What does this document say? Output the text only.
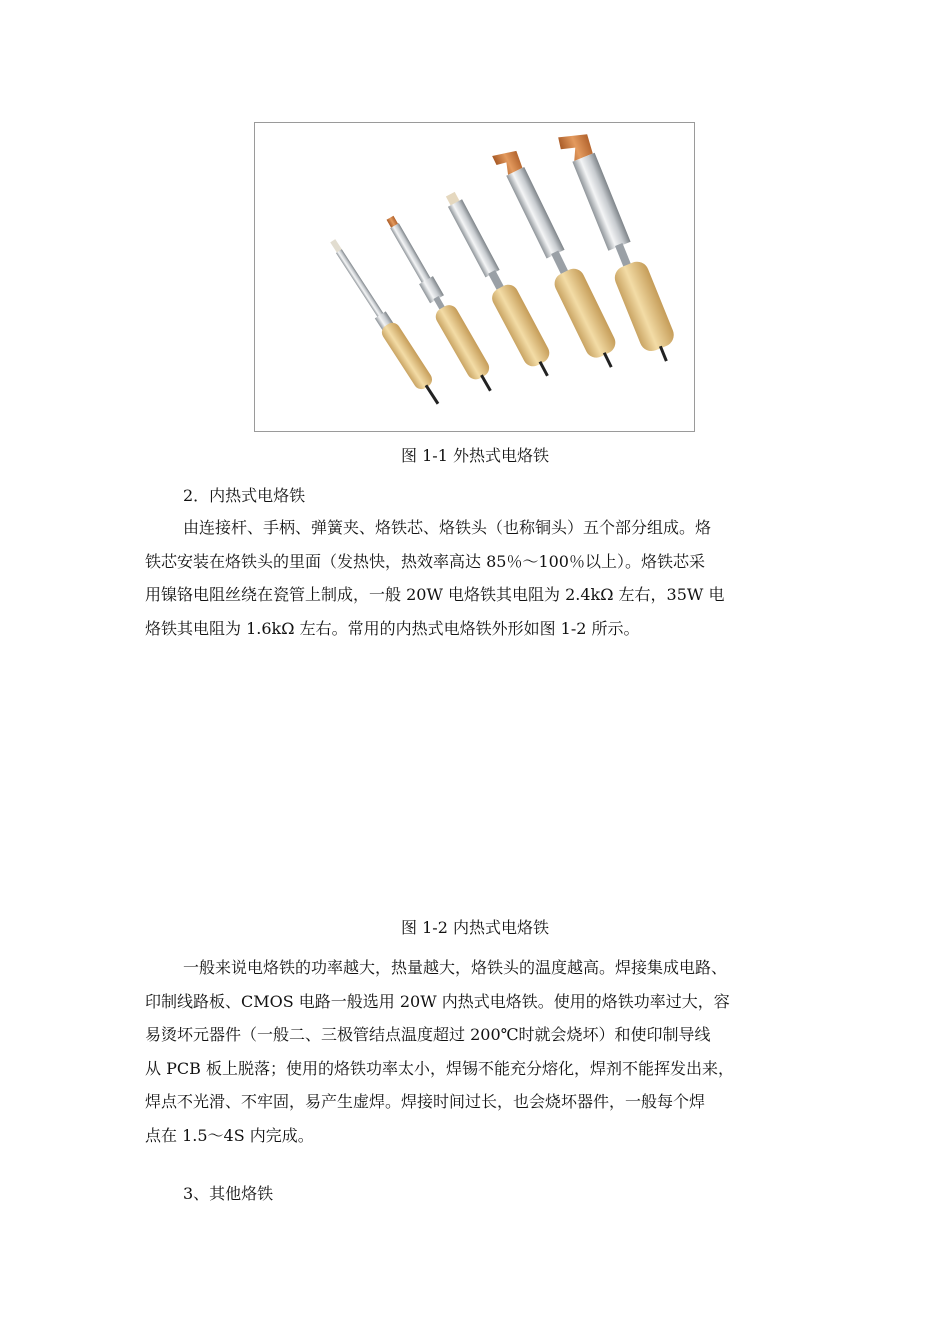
图 1-1 外热式电烙铁
2．内热式电烙铁
由连接杆、手柄、弹簧夹、烙铁芯、烙铁头（也称铜头）五个部分组成。烙
铁芯安装在烙铁头的里面（发热快，热效率高达 85％～100％以上）。烙铁芯采
用镍铬电阻丝绕在瓷管上制成，一般 20W 电烙铁其电阻为 2.4kΩ 左右，35W 电
烙铁其电阻为 1.6kΩ 左右。常用的内热式电烙铁外形如图 1-2 所示。
图 1-2 内热式电烙铁
一般来说电烙铁的功率越大，热量越大，烙铁头的温度越高。焊接集成电路、
印制线路板、CMOS 电路一般选用 20W 内热式电烙铁。使用的烙铁功率过大，容
易烫坏元器件（一般二、三极管结点温度超过 200℃时就会烧坏）和使印制导线
从 PCB 板上脱落；使用的烙铁功率太小，焊锡不能充分熔化，焊剂不能挥发出来，
焊点不光滑、不牢固，易产生虚焊。焊接时间过长，也会烧坏器件，一般每个焊
点在 1.5～4S 内完成。
3、其他烙铁
